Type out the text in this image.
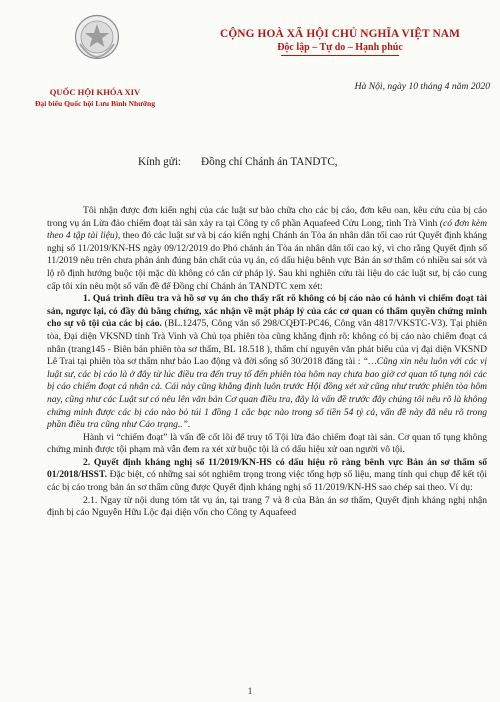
QUỐC HỘI KHÓA XIV
Đại biểu Quốc hội Lưu Bình Nhưỡng
CỘNG HOÀ XÃ HỘI CHỦ NGHĨA VIỆT NAM
Độc lập – Tự do – Hạnh phúc
Hà Nội, ngày 10 tháng 4 năm 2020
Kính gửi: Đồng chí Chánh án TANDTC,

Tôi nhận được đơn kiến nghị của các luật sư bào chữa cho các bị cáo, đơn kêu oan, kêu cứu của bị cáo trong vụ án Lừa đảo chiếm đoạt tài sản xảy ra tại Công ty cổ phần Aquafeed Cửu Long, tỉnh Trà Vinh (có đơn kèm theo 4 tập tài liệu), theo đó các luật sư và bị cáo kiến nghị Chánh án Tòa án nhân dân tối cao rút Quyết định kháng nghị số 11/2019/KN-HS ngày 09/12/2019 do Phó chánh án Tòa án nhân dân tối cao ký, vì cho rằng Quyết định số 11/2019 nêu trên chưa phản ánh đúng bản chất của vụ án, có dấu hiệu bênh vực Bản án sơ thẩm có nhiều sai sót và lộ rõ định hướng buộc tội mặc dù không có căn cứ pháp lý. Sau khi nghiên cứu tài liệu do các luật sư, bị cáo cung cấp tôi xin nêu một số vấn đề để Đồng chí Chánh án TANDTC xem xét:

1. Quá trình điều tra và hồ sơ vụ án cho thấy rất rõ không có bị cáo nào có hành vi chiếm đoạt tài sản, ngược lại, có đầy đủ bằng chứng, xác nhận về mặt pháp lý của các cơ quan có thẩm quyền chứng minh cho sự vô tội của các bị cáo. (BL.12475, Công văn số 298/CQĐT-PC46, Công văn 4817/VKSTC-V3). Tại phiên tòa, Đại diện VKSND tỉnh Trà Vinh và Chủ tọa phiên tòa cũng khẳng định rõ: không có bị cáo nào chiếm đoạt cá nhân (trang145 - Biên bản phiên tòa sơ thẩm, BL 18.518 ), thẩm chí nguyên văn phát biểu của vị đại diện VKSND Lê Trai tại phiên tòa sơ thẩm như bảo Lao động và đời sống số 30/2018 đăng tài : “…Cũng xin nêu luôn với các vị luật sư, các bị cáo là ở đây từ lúc điều tra đến truy tố đến phiên tòa hôm nay chưa bao giờ cơ quan tố tụng nói các bị cáo chiếm đoạt cá nhân cả. Cái này cũng khẳng định luôn trước Hội đồng xét xử cũng như trước phiên tòa hôm nay, cũng như các Luật sư có nêu lên văn bản Cơ quan điều tra, đây là vấn đề trước đây chúng tôi nêu rõ là không chứng minh được các bị cáo nào bỏ túi 1 đồng 1 cắc bạc nào trong số tiền 54 tỷ cả, vấn đề này đã nêu rõ trong phần điều tra cũng như Cáo trạng..”.

Hành vi “chiếm đoạt” là vấn đề cốt lõi để truy tố Tội lừa đảo chiếm đoạt tài sản. Cơ quan tố tụng không chứng minh được tội phạm mà vẫn đem ra xét xử buộc tội là có dấu hiệu xử oan người vô tội.

2. Quyết định kháng nghị số 11/2019/KN-HS có dấu hiệu rõ ràng bênh vực Bản án sơ thẩm số 01/2018/HSST. Đặc biệt, có những sai sót nghiêm trọng trong việc tổng hợp số liệu, mang tính qui chụp để kết tội các bị cáo trong bản án sơ thẩm cũng được Quyết định kháng nghị số 11/2019/KN-HS sao chép sai theo. Ví dụ:

2.1. Ngay từ nội dung tóm tắt vụ án, tại trang 7 và 8 của Bản án sơ thẩm, Quyết định kháng nghị nhận định bị cáo Nguyễn Hữu Lộc đại diện vốn cho Công ty Aquafeed

1
